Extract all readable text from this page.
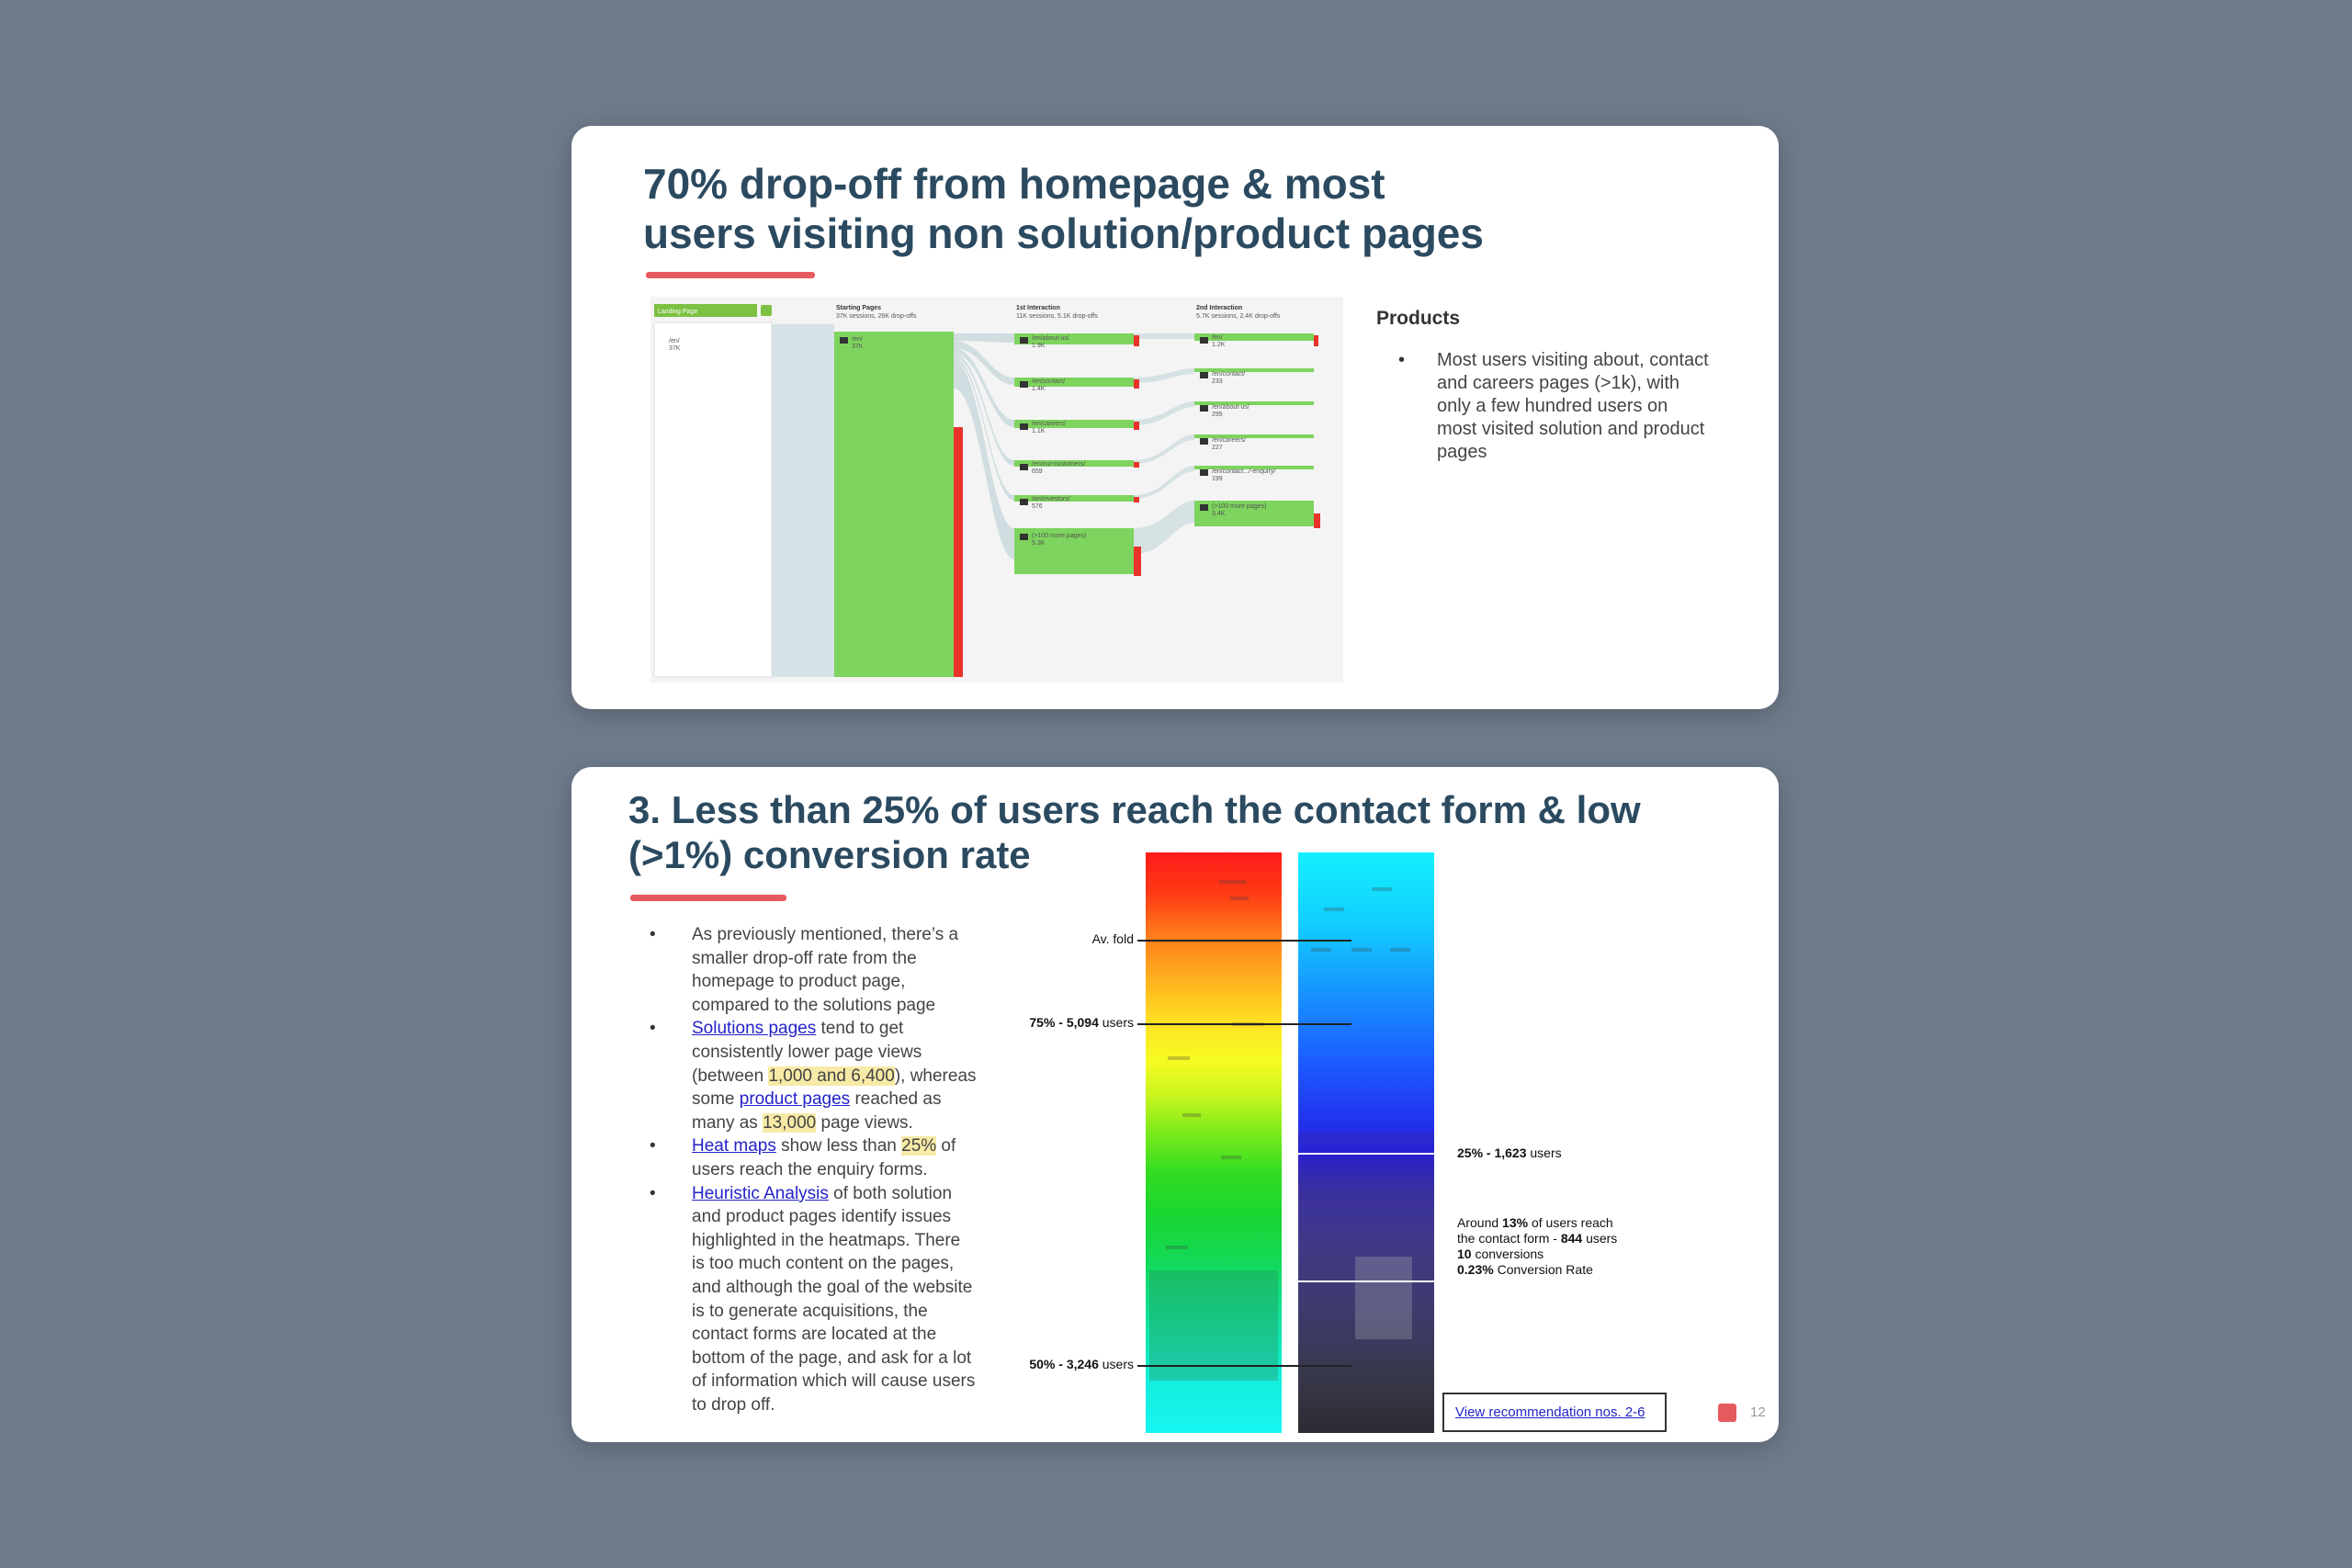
70% drop-off from homepage & most
users visiting non solution/product pages
Landing Page
/en/
37K
Starting Pages
37K sessions, 26K drop-offs
1st Interaction
11K sessions, 5.1K drop-offs
2nd Interaction
5.7K sessions, 2.4K drop-offs
/en/
37K
/en/about-us/
1.9K
/en/contact/
1.4K
/en/careers/
1.1K
/en/our-customers/
659
/en/investors/
576
(>100 more pages)
5.3K
/en/
1.2K
/en/contact/
233
/en/about-us/
295
/en/careers/
227
/en/contact.../-enquiry/
199
(>100 more pages)
3.4K
Products
• Most users visiting about, contact and careers pages (>1k), with only a few hundred users on most visited solution and product pages
3. Less than 25% of users reach the contact form & low
(>1%) conversion rate
• As previously mentioned, there’s a smaller drop-off rate from the homepage to product page, compared to the solutions page
• Solutions pages tend to get consistently lower page views (between 1,000 and 6,400), whereas some product pages reached as many as 13,000 page views.
• Heat maps show less than 25% of users reach the enquiry forms.
• Heuristic Analysis of both solution and product pages identify issues highlighted in the heatmaps. There is too much content on the pages, and although the goal of the website is to generate acquisitions, the contact forms are located at the bottom of the page, and ask for a lot of information which will cause users to drop off.
Av. fold
75% - 5,094 users
50% - 3,246 users
25% - 1,623 users
Around 13% of users reach
the contact form - 844 users
10 conversions
0.23% Conversion Rate
View recommendation nos. 2-6	12
